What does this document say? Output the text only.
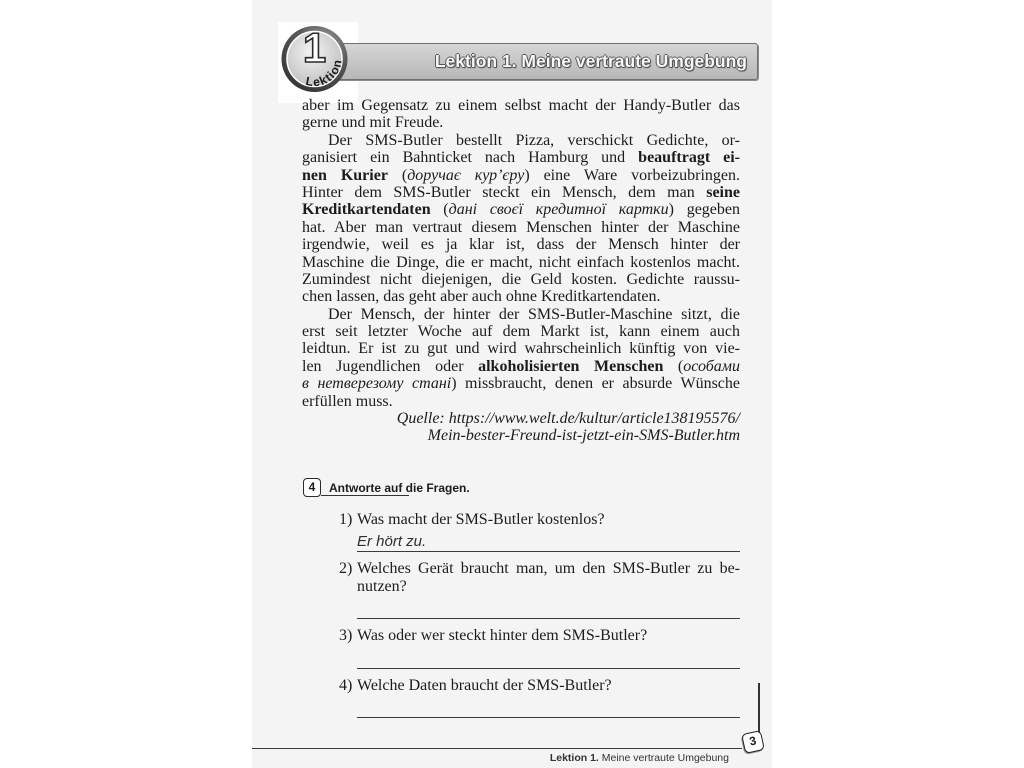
Lektion 1. Meine vertraute Umgebung
1
Lektion
aber im Gegensatz zu einem selbst macht der Handy-Butler das
gerne und mit Freude.
Der SMS-Butler bestellt Pizza, verschickt Gedichte, or-
ganisiert ein Bahnticket nach Hamburg und beauftragt ei-
nen Kurier (доручає кур’єру) eine Ware vorbeizubringen.
Hinter dem SMS-Butler steckt ein Mensch, dem man seine
Kreditkartendaten (дані своєї кредитної картки) gegeben
hat. Aber man vertraut diesem Menschen hinter der Maschine
irgendwie, weil es ja klar ist, dass der Mensch hinter der
Maschine die Dinge, die er macht, nicht einfach kostenlos macht.
Zumindest nicht diejenigen, die Geld kosten. Gedichte raussu-
chen lassen, das geht aber auch ohne Kreditkartendaten.
Der Mensch, der hinter der SMS-Butler-Maschine sitzt, die
erst seit letzter Woche auf dem Markt ist, kann einem auch
leidtun. Er ist zu gut und wird wahrscheinlich künftig von vie-
len Jugendlichen oder alkoholisierten Menschen (особами
в нетверезому стані) missbraucht, denen er absurde Wünsche
erfüllen muss.
Quelle: https://www.welt.de/kultur/article138195576/
Mein-bester-Freund-ist-jetzt-ein-SMS-Butler.htm
4	Antworte auf die Fragen.
1) Was macht der SMS-Butler kostenlos?
Er hört zu.
2) Welches Gerät braucht man, um den SMS-Butler zu be-
nutzen?
3) Was oder wer steckt hinter dem SMS-Butler?
4) Welche Daten braucht der SMS-Butler?
3
Lektion 1. Meine vertraute Umgebung
